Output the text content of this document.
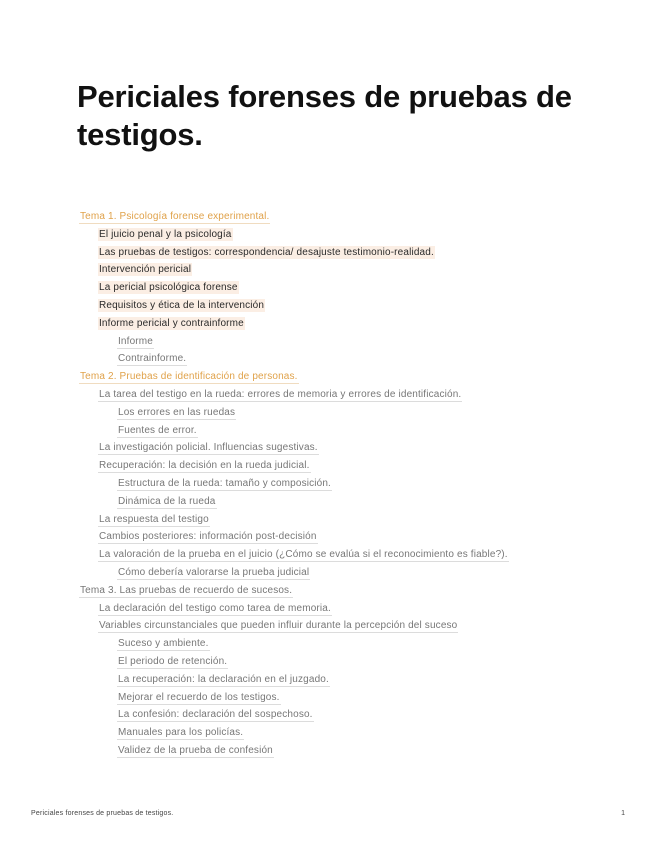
Periciales forenses de pruebas de testigos.
Tema 1. Psicología forense experimental.
El juicio penal y la psicología
Las pruebas de testigos: correspondencia/ desajuste testimonio-realidad.
Intervención pericial
La pericial psicológica forense
Requisitos y ética de la intervención
Informe pericial y contrainforme
Informe
Contrainforme.
Tema 2. Pruebas de identificación de personas.
La tarea del testigo en la rueda: errores de memoria y errores de identificación.
Los errores en las ruedas
Fuentes de error.
La investigación policial. Influencias sugestivas.
Recuperación: la decisión en la rueda judicial.
Estructura de la rueda: tamaño y composición.
Dinámica de la rueda
La respuesta del testigo
Cambios posteriores: información post-decisión
La valoración de la prueba en el juicio (¿Cómo se evalúa si el reconocimiento es fiable?).
Cómo debería valorarse la prueba judicial
Tema 3. Las pruebas de recuerdo de sucesos.
La declaración del testigo como tarea de memoria.
Variables circunstanciales que pueden influir durante la percepción del suceso
Suceso y ambiente.
El periodo de retención.
La recuperación: la declaración en el juzgado.
Mejorar el recuerdo de los testigos.
La confesión: declaración del sospechoso.
Manuales para los policías.
Validez de la prueba de confesión
Periciales forenses de pruebas de testigos.	1
